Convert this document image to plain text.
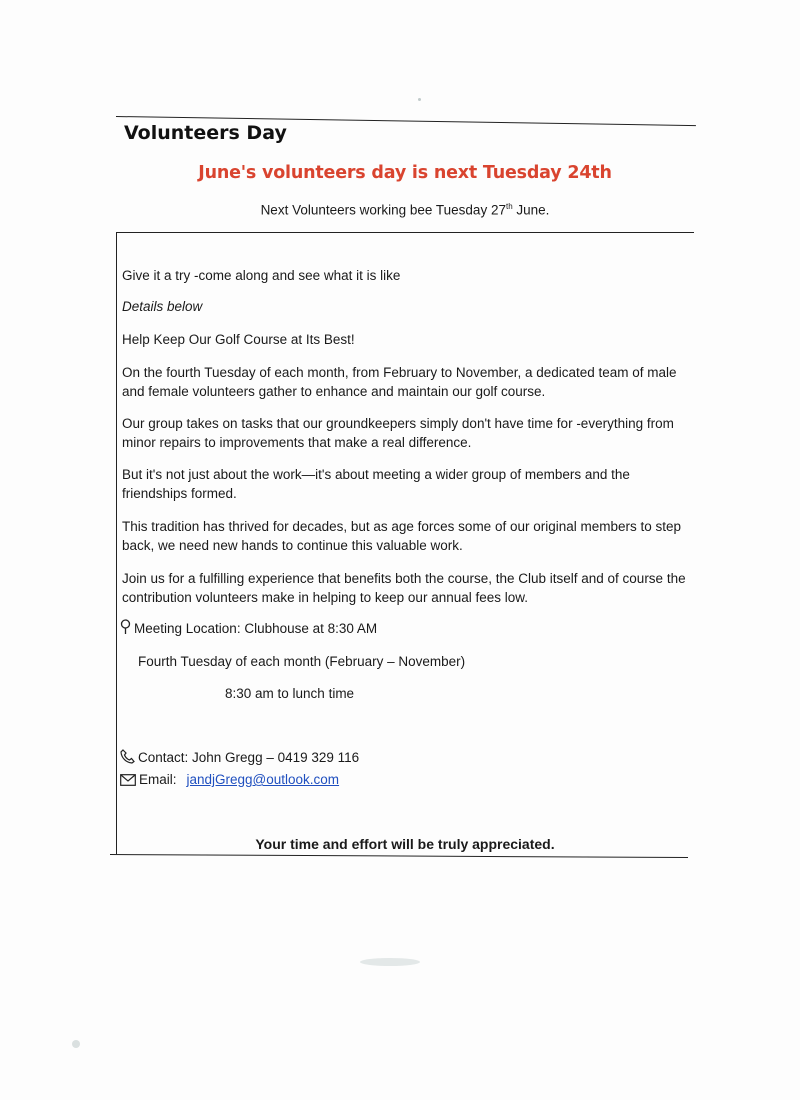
Volunteers Day
June's volunteers day is next Tuesday 24th
Next Volunteers working bee Tuesday 27th June.
Give it a try -come along and see what it is like
Details below
Help Keep Our Golf Course at Its Best!
On the fourth Tuesday of each month, from February to November, a dedicated team of male and female volunteers gather to enhance and maintain our golf course.
Our group takes on tasks that our groundkeepers simply don't have time for -everything from minor repairs to improvements that make a real difference.
But it's not just about the work—it's about meeting a wider group of members and the friendships formed.
This tradition has thrived for decades, but as age forces some of our original members to step back, we need new hands to continue this valuable work.
Join us for a fulfilling experience that benefits both the course, the Club itself and of course the contribution volunteers make in helping to keep our annual fees low.
Meeting Location: Clubhouse at 8:30 AM
Fourth Tuesday of each month (February – November)
8:30 am to lunch time
Contact: John Gregg – 0419 329 116
Email: jandjGregg@outlook.com
Your time and effort will be truly appreciated.
